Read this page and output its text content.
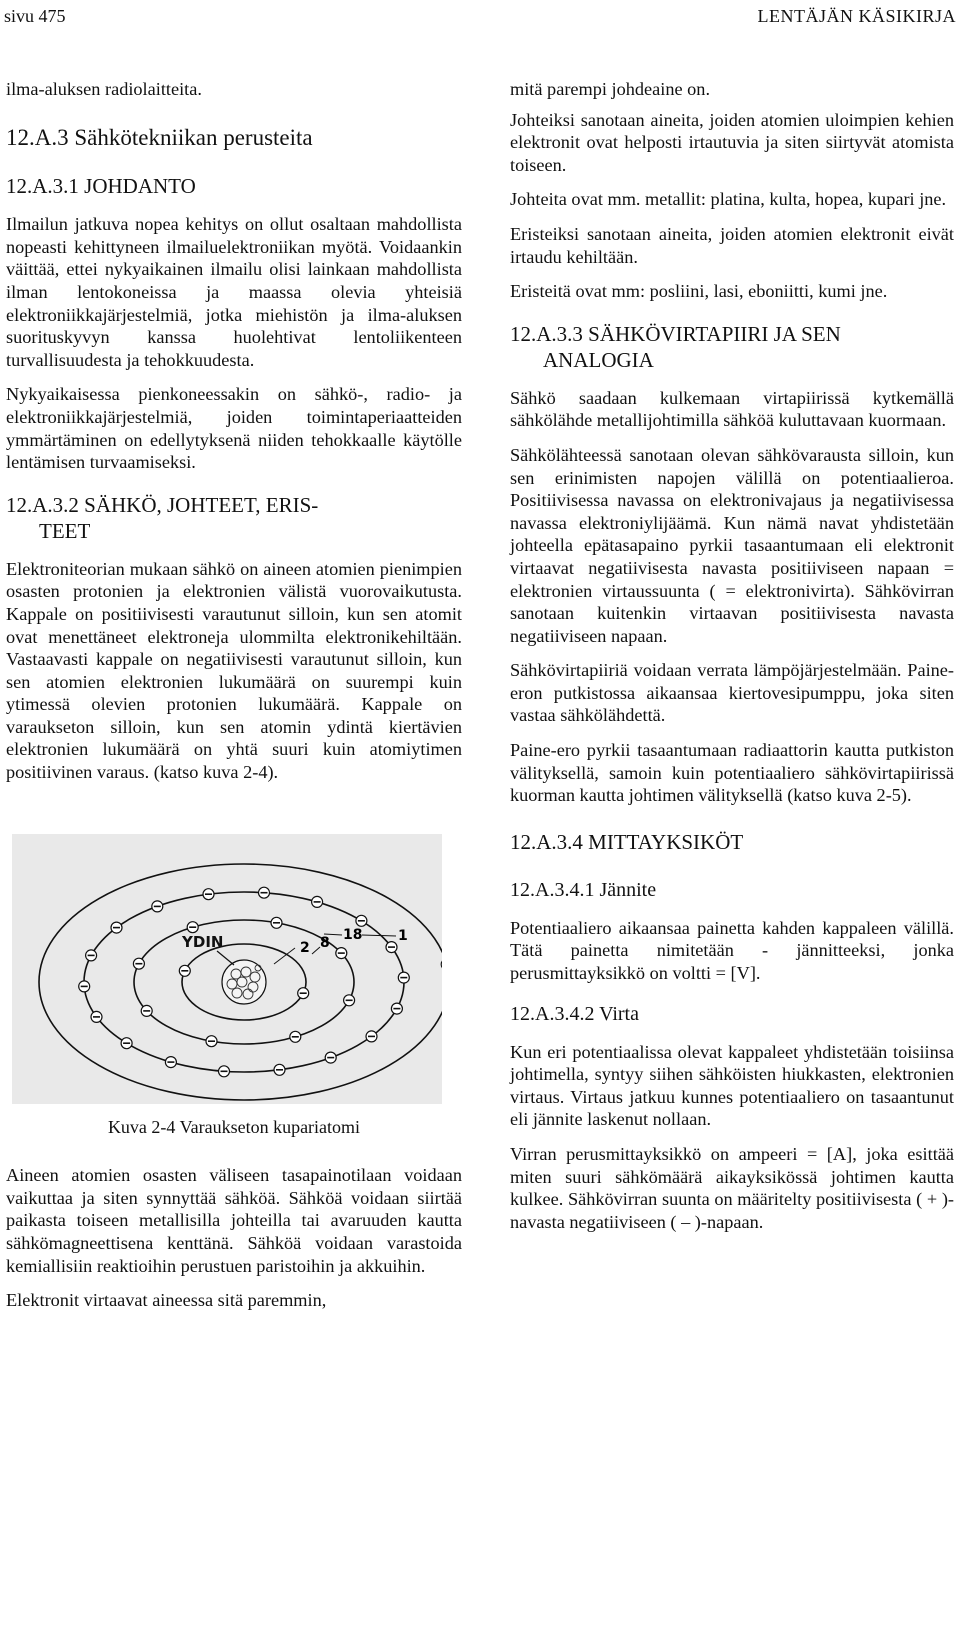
sivu 475	LENTÄJÄN KÄSIKIRJA

ilma-aluksen radiolaitteita.

12.A.3 Sähkötekniikan perusteita
12.A.3.1 JOHDANTO

Ilmailun jatkuva nopea kehitys on ollut osaltaan mahdollista nopeasti kehittyneen ilmailuelektroniikan myötä. Voidaankin väittää, ettei nykyaikainen ilmailu olisi lainkaan mahdollista ilman lentokoneissa ja maassa olevia yhteisiä elektroniikkajärjestelmiä, jotka miehistön ja ilma-aluksen suorituskyvyn kanssa huolehtivat lentoliikenteen turvallisuudesta ja tehokkuudesta.

Nykyaikaisessa pienkoneessakin on sähkö-, radio- ja elektroniikkajärjestelmiä, joiden toimintaperiaatteiden ymmärtäminen on edellytyksenä niiden tehokkaalle käytölle lentämisen turvaamiseksi.

12.A.3.2 SÄHKÖ, JOHTEET, ERIS-
TEET

Elektroniteorian mukaan sähkö on aineen atomien pienimpien osasten protonien ja elektronien välistä vuorovaikutusta. Kappale on positiivisesti varautunut silloin, kun sen atomit ovat menettäneet elektroneja ulommilta elektronikehiltään. Vastaavasti kappale on negatiivisesti varautunut silloin, kun sen atomien elektronien lukumäärä on suurempi kuin ytimessä olevien protonien lukumäärä. Kappale on varaukseton silloin, kun sen atomin ydintä kiertävien elektronien lukumäärä on yhtä suuri kuin atomiytimen positiivinen varaus. (katso kuva 2-4).

YDIN	2 8 18	1
Kuva 2-4 Varaukseton kupariatomi

Aineen atomien osasten väliseen tasapainotilaan voidaan vaikuttaa ja siten synnyttää sähköä. Sähköä voidaan siirtää paikasta toiseen metallisilla johteilla tai avaruuden kautta sähkömagneettisena kenttänä. Sähköä voidaan varastoida kemiallisiin reaktioihin perustuen paristoihin ja akkuihin.

Elektronit virtaavat aineessa sitä paremmin,

mitä parempi johdeaine on.

Johteiksi sanotaan aineita, joiden atomien uloimpien kehien elektronit ovat helposti irtautuvia ja siten siirtyvät atomista toiseen.

Johteita ovat mm. metallit: platina, kulta, hopea, kupari jne.

Eristeiksi sanotaan aineita, joiden atomien elektronit eivät irtaudu kehiltään.

Eristeitä ovat mm: posliini, lasi, eboniitti, kumi jne.

12.A.3.3 SÄHKÖVIRTAPIIRI JA SEN
ANALOGIA

Sähkö saadaan kulkemaan virtapiirissä kytkemällä sähkölähde metallijohtimilla sähköä kuluttavaan kuormaan.

Sähkölähteessä sanotaan olevan sähkövаrausta silloin, kun sen erinimisten napojen välillä on potentiaalieroa. Positiivisessa navassa on elektronivajaus ja negatiivisessa navassa elektroniylijäämä. Kun nämä navat yhdistetään johteella epätasapaino pyrkii tasaantumaan eli elektronit virtaavat negatiivisesta navasta positiiviseen napaan = elektronien virtaussuunta ( = elektronivirta). Sähkövirran sanotaan kuitenkin virtaavan positiivisesta navasta negatiiviseen napaan.

Sähkövirtapiiriä voidaan verrata lämpöjärjestelmään. Paine-eron putkistossa aikaansaa kiertovesipumppu, joka siten vastaa sähkölähdettä.

Paine-ero pyrkii tasaantumaan radiaattorin kautta putkiston välityksellä, samoin kuin potentiaaliero sähkövirtapiirissä kuorman kautta johtimen välityksellä (katso kuva 2-5).

12.A.3.4 MITTAYKSIKÖT
12.A.3.4.1 Jännite

Potentiaaliero aikaansaa painetta kahden kappaleen välillä. Tätä painetta nimitetään - jännitteeksi, jonka perusmittayksikkö on voltti = [V].

12.A.3.4.2 Virta

Kun eri potentiaalissa olevat kappaleet yhdistetään toisiinsa johtimella, syntyy siihen sähköisten hiukkasten, elektronien virtaus. Virtaus jatkuu kunnes potentiaaliero on tasaantunut eli jännite laskenut nollaan.

Virran perusmittayksikkö on ampeeri = [A], joka esittää miten suuri sähkömäärä aikayksikössä johtimen kautta kulkee. Sähkövirran suunta on määritelty positiivisesta ( + )-navasta negatiiviseen ( – )-napaan.
